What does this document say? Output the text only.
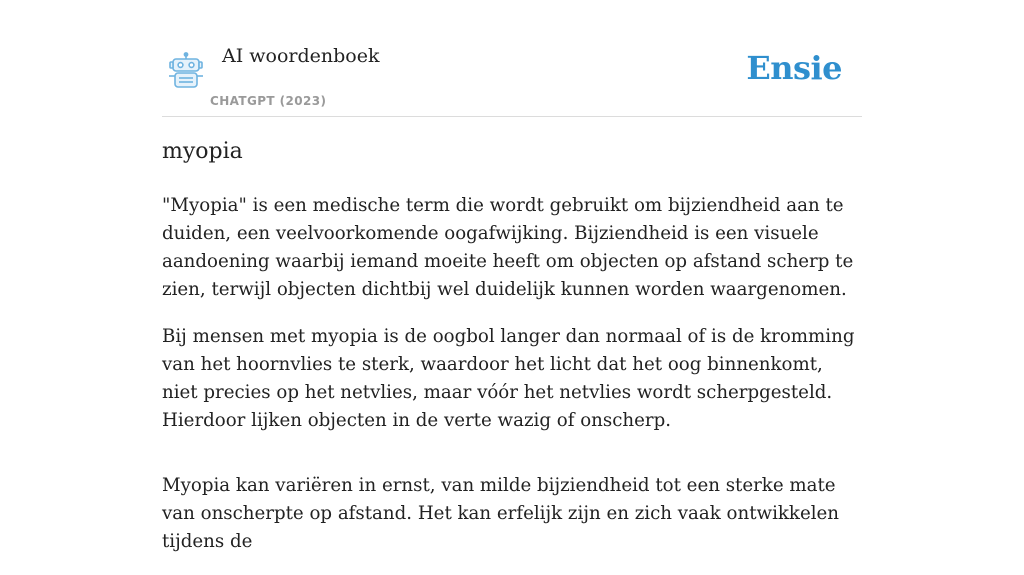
AI woordenboek
CHATGPT (2023)
Ensie
myopia

"Myopia" is een medische term die wordt gebruikt om bijziendheid aan te duiden, een veelvoorkomende oogafwijking. Bijziendheid is een visuele aandoening waarbij iemand moeite heeft om objecten op afstand scherp te zien, terwijl objecten dichtbij wel duidelijk kunnen worden waargenomen.

Bij mensen met myopia is de oogbol langer dan normaal of is de kromming van het hoornvlies te sterk, waardoor het licht dat het oog binnenkomt, niet precies op het netvlies, maar vóór het netvlies wordt scherpgesteld. Hierdoor lijken objecten in de verte wazig of onscherp.

Myopia kan variëren in ernst, van milde bijziendheid tot een sterke mate van onscherpte op afstand. Het kan erfelijk zijn en zich vaak ontwikkelen tijdens de
